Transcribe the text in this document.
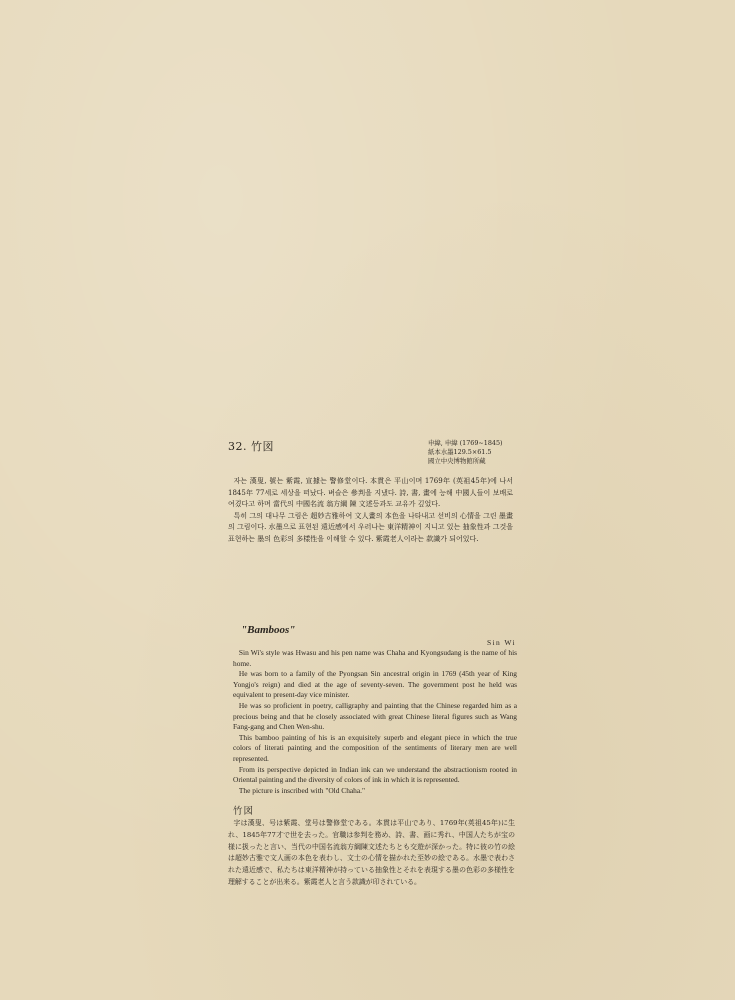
32. 竹図	申緯, 申緯 (1769~1845)
紙本水墨129.5×61.5
國立中央博物館所藏

자는 漢叟, 號는 紫霞, 宣據는 警修堂이다. 本貫은 平山이며 1769年 (英祖45年)에 나서 1845年 77세로 세상을 떠났다. 벼슬은 參判을 지냈다. 詩, 書, 畫에 능해 中國人들이 보배로 여겼다고 하며 當代의 中國名流 翁方綱 陳 文述등과도 교유가 깊었다.

특히 그의 대나무 그림은 超妙古雅하여 文人畫의 本色을 나타내고 선비의 心情을 그린 墨畫의 그림이다. 水墨으로 표현된 遠近感에서 우러나는 東洋精神이 지니고 있는 抽象性과 그것을 표현하는 墨의 色彩의 多樣性을 이해할 수 있다. 紫霞老人이라는 款識가 되어있다.

"Bamboos"
Sin Wi

Sin Wi's style was Hwasu and his pen name was Chaha and Kyongsudang is the name of his home.

He was born to a family of the Pyongsan Sin ancestral origin in 1769 (45th year of King Yongjo's reign) and died at the age of seventy-seven. The government post he held was equivalent to present-day vice minister.

He was so proficient in poetry, calligraphy and painting that the Chinese regarded him as a precious being and that he closely associated with great Chinese literal figures such as Wang Fang-gang and Chen Wen-shu.

This bamboo painting of his is an exquisitely superb and elegant piece in which the true colors of literati painting and the composition of the sentiments of literary men are well represented.

From its perspective depicted in Indian ink can we understand the abstractionism rooted in Oriental painting and the diversity of colors of ink in which it is represented.

The picture is inscribed with "Old Chaha."

竹図

字は漢叟、号は紫霞、堂号は警修堂である。本貫は平山であり、1769年(英祖45年)に生れ、1845年77才で世を去った。官職は参判を務め、詩、書、画に秀れ、中国人たちが宝の様に扱ったと言い、当代の中国名流翁方綱陳文述たちとも交遊が深かった。特に彼の竹の絵は超妙古雅で文人画の本色を表わし、文士の心情を描かれた至妙の絵である。水墨で表わされた遠近感で、私たちは東洋精神が持っている抽象性とそれを表現する墨の色彩の多様性を理解することが出来る。紫霞老人と言う款識が印されている。
